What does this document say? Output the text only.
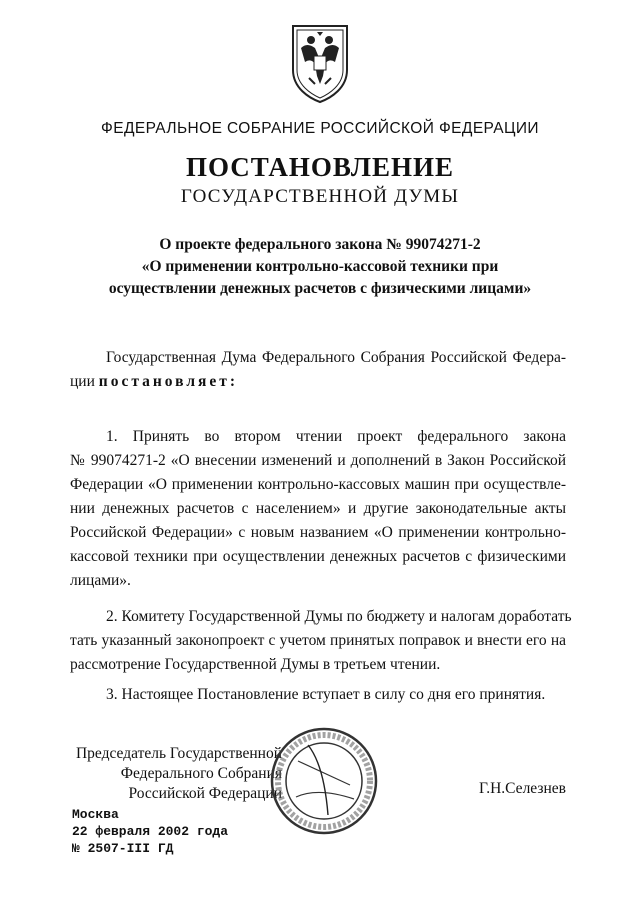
ФЕДЕРАЛЬНОЕ СОБРАНИЕ РОССИЙСКОЙ ФЕДЕРАЦИИ
ПОСТАНОВЛЕНИЕ
ГОСУДАРСТВЕННОЙ ДУМЫ
О проекте федерального закона № 99074271-2
«О применении контрольно-кассовой техники при
осуществлении денежных расчетов с физическими лицами»
Государственная Дума Федерального Собрания Российской Федера-
ции постановляет:
1. Принять во втором чтении проект федерального закона
№ 99074271-2 «О внесении изменений и дополнений в Закон Российской
Федерации «О применении контрольно-кассовых машин при осуществле-
нии денежных расчетов с населением» и другие законодательные акты
Российской Федерации» с новым названием «О применении контрольно-
кассовой техники при осуществлении денежных расчетов с физическими
лицами».
2. Комитету Государственной Думы по бюджету и налогам доработать
тать указанный законопроект с учетом принятых поправок и внести его на
рассмотрение Государственной Думы в третьем чтении.
3. Настоящее Постановление вступает в силу со дня его принятия.
Председатель Государственной
Федерального Собрания
Российской Федерации	Г.Н.Селезнев
Москва
22 февраля 2002 года
№ 2507-III ГД
